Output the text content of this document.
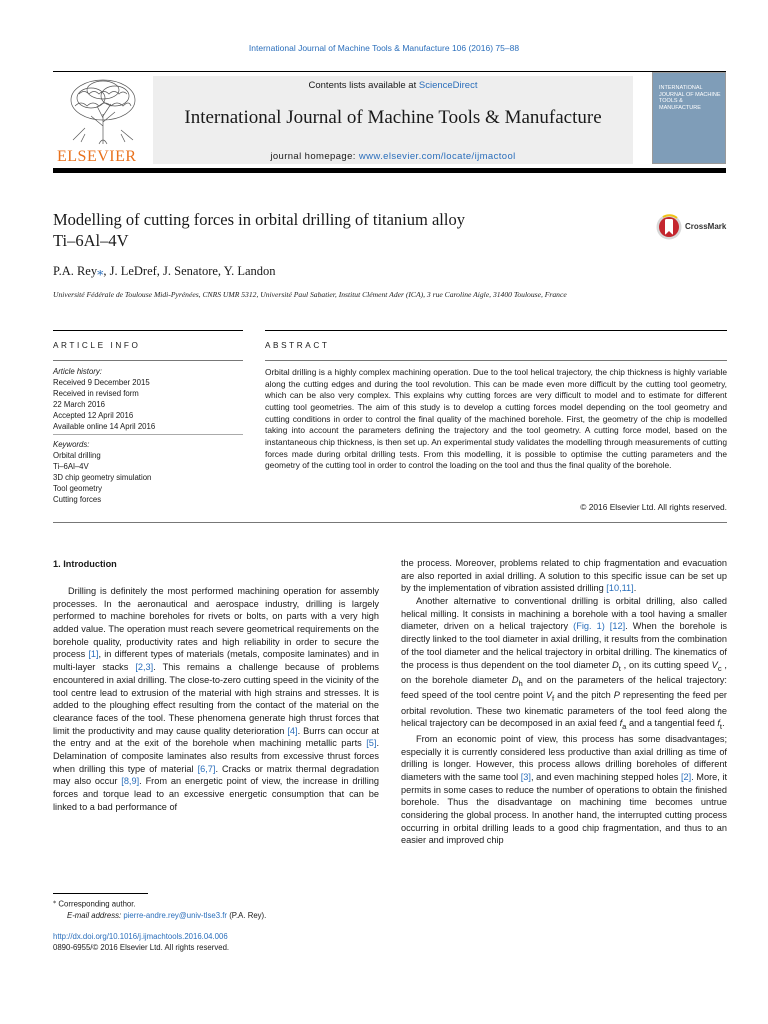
International Journal of Machine Tools & Manufacture 106 (2016) 75–88
ELSEVIER
Contents lists available at ScienceDirect
International Journal of Machine Tools & Manufacture
journal homepage: www.elsevier.com/locate/ijmactool
INTERNATIONAL JOURNAL OF MACHINE TOOLS & MANUFACTURE
Modelling of cutting forces in orbital drilling of titanium alloy
Ti–6Al–4V
CrossMark
P.A. Rey⁎, J. LeDref, J. Senatore, Y. Landon
Université Fédérale de Toulouse Midi-Pyrénées, CNRS UMR 5312, Université Paul Sabatier, Institut Clément Ader (ICA), 3 rue Caroline Aigle, 31400 Toulouse, France
ARTICLE INFO	ABSTRACT
Article history:
Received 9 December 2015
Received in revised form
22 March 2016
Accepted 12 April 2016
Available online 14 April 2016
Keywords:
Orbital drilling
Ti–6Al–4V
3D chip geometry simulation
Tool geometry
Cutting forces
Orbital drilling is a highly complex machining operation. Due to the tool helical trajectory, the chip thickness is highly variable along the cutting edges and during the tool revolution. This can be made even more difficult by the cutting tool geometry, which can be also very complex. This explains why cutting forces are very difficult to model and to estimate for different cutting tool geometries. The aim of this study is to develop a cutting forces model depending on the tool geometry and cutting conditions in order to control the final quality of the machined borehole. First, the geometry of the chip is modelled taking into account the parameters defining the trajectory and the tool geometry. A cutting force model, based on the instantaneous chip thickness, is then set up. An experimental study validates the modelling through measurements of cutting forces made during orbital drilling tests. From this modelling, it is possible to optimise the cutting parameters and the geometry of the cutting tool in order to control the loading on the tool and thus the final quality of the borehole.
© 2016 Elsevier Ltd. All rights reserved.
1. Introduction

Drilling is definitely the most performed machining operation for assembly processes. In the aeronautical and aerospace industry, drilling is largely performed to machine boreholes for rivets or bolts, on parts with a very high added value. The operation must reach severe geometrical requirements on the borehole quality, productivity rates and high reliability in order to secure the process [1], in different types of materials (metals, composite laminates) and in multi-layer stacks [2,3]. This remains a challenge because of problems encountered in axial drilling. The close-to-zero cutting speed in the vicinity of the tool centre lead to extrusion of the material with high strains and stresses. It is added to the ploughing effect resulting from the contact of the material on the clearance faces of the tool. These phenomena generate high thrust forces that limit the productivity and may cause quality deterioration [4]. Burrs can occur at the entry and at the exit of the borehole when machining metallic parts [5]. Delamination of composite laminates also results from excessive thrust forces when drilling this type of material [6,7]. Cracks or matrix thermal degradation may also occur [8,9]. From an energetic point of view, the increase in drilling forces and torque lead to an excessive energetic consumption that can be linked to a bad performance of

the process. Moreover, problems related to chip fragmentation and evacuation are also reported in axial drilling. A solution to this specific issue can be set up by the implementation of vibration assisted drilling [10,11].

Another alternative to conventional drilling is orbital drilling, also called helical milling. It consists in machining a borehole with a tool having a smaller diameter, driven on a helical trajectory (Fig. 1) [12]. When the borehole is directly linked to the tool diameter in axial drilling, it results from the combination of the tool diameter and the helical trajectory in orbital drilling. The kinematics of the process is thus dependent on the tool diameter $D_t$ , on its cutting speed $V_c$ , on the borehole diameter $D_h$ and on the parameters of the helical trajectory: feed speed of the tool centre point $V_f$ and the pitch P representing the feed per orbital revolution. These two kinematic parameters of the tool feed along the helical trajectory can be decomposed in an axial feed $f_a$ and a tangential feed $f_t$.

From an economic point of view, this process has some disadvantages; especially it is currently considered less productive than axial drilling as time of drilling is longer. However, this process allows drilling boreholes of different diameters with the same tool [3], and even machining stepped holes [2]. More, it permits in some cases to reduce the number of operations to obtain the finished borehole. Thus the disadvantage on machining time becomes untrue considering the global process. In another hand, the interrupted cutting process occurring in orbital drilling leads to a good chip fragmentation, and thus to an easier and improved chip

⁎ Corresponding author.
E-mail address: pierre-andre.rey@univ-tlse3.fr (P.A. Rey).
http://dx.doi.org/10.1016/j.ijmachtools.2016.04.006
0890-6955/© 2016 Elsevier Ltd. All rights reserved.
